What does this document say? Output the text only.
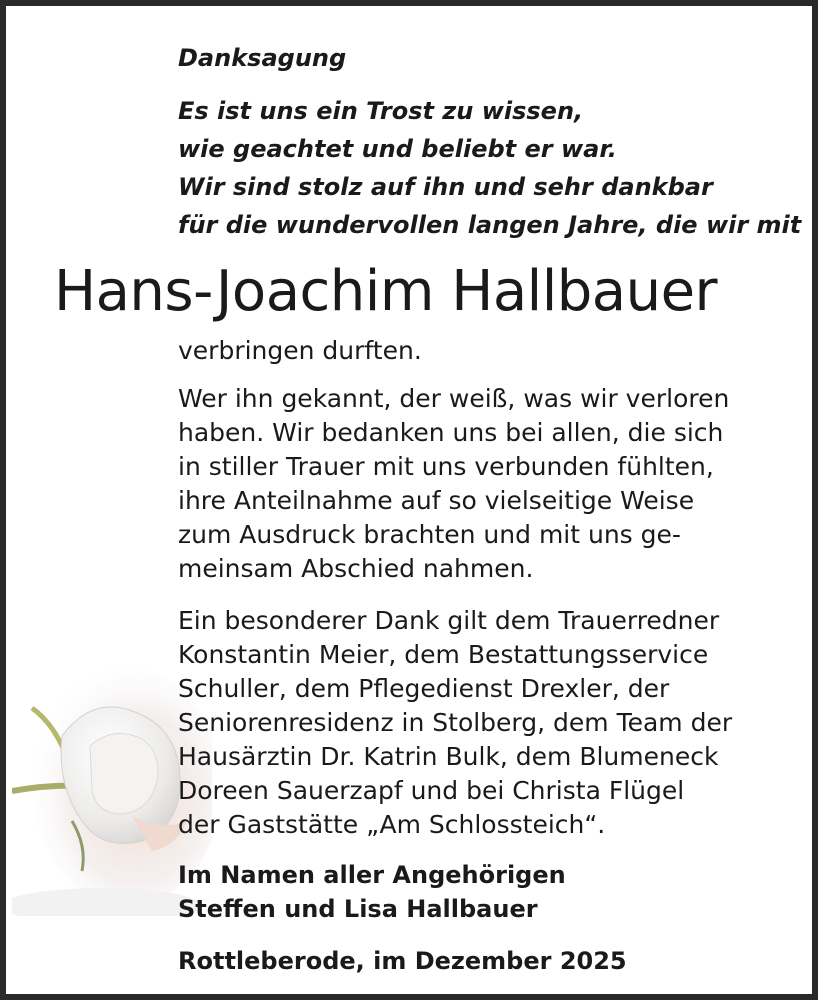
Danksagung
Es ist uns ein Trost zu wissen,
wie geachtet und beliebt er war.
Wir sind stolz auf ihn und sehr dankbar
für die wundervollen langen Jahre, die wir mit
Hans-Joachim Hallbauer
verbringen durften.
Wer ihn gekannt, der weiß, was wir verloren
haben. Wir bedanken uns bei allen, die sich
in stiller Trauer mit uns verbunden fühlten,
ihre Anteilnahme auf so vielseitige Weise
zum Ausdruck brachten und mit uns ge-
meinsam Abschied nahmen.
Ein besonderer Dank gilt dem Trauerredner
Konstantin Meier, dem Bestattungsservice
Schuller, dem Pflegedienst Drexler, der
Seniorenresidenz in Stolberg, dem Team der
Hausärztin Dr. Katrin Bulk, dem Blumeneck
Doreen Sauerzapf und bei Christa Flügel
der Gaststätte „Am Schlossteich“.
Im Namen aller Angehörigen
Steffen und Lisa Hallbauer
Rottleberode, im Dezember 2025
